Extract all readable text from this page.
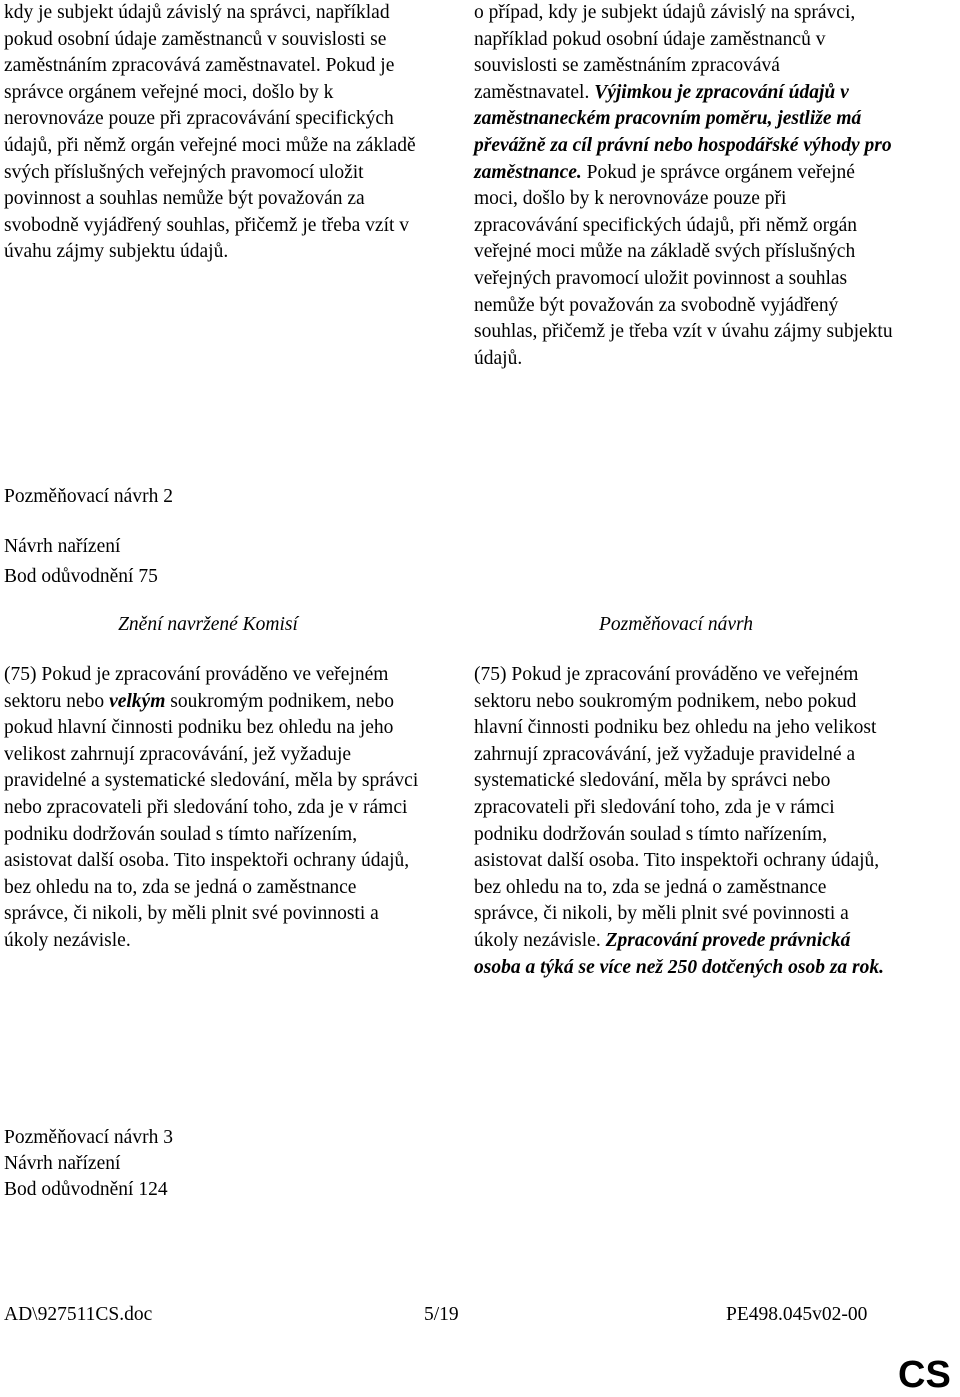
kdy je subjekt údajů závislý na správci, například pokud osobní údaje zaměstnanců v souvislosti se zaměstnáním zpracovává zaměstnavatel. Pokud je správce orgánem veřejné moci, došlo by k nerovnováze pouze při zpracovávání specifických údajů, při němž orgán veřejné moci může na základě svých příslušných veřejných pravomocí uložit povinnost a souhlas nemůže být považován za svobodně vyjádřený souhlas, přičemž je třeba vzít v úvahu zájmy subjektu údajů.

o případ, kdy je subjekt údajů závislý na správci, například pokud osobní údaje zaměstnanců v souvislosti se zaměstnáním zpracovává zaměstnavatel. Výjimkou je zpracování údajů v zaměstnaneckém pracovním poměru, jestliže má převážně za cíl právní nebo hospodářské výhody pro zaměstnance. Pokud je správce orgánem veřejné moci, došlo by k nerovnováze pouze při zpracovávání specifických údajů, při němž orgán veřejné moci může na základě svých příslušných veřejných pravomocí uložit povinnost a souhlas nemůže být považován za svobodně vyjádřený souhlas, přičemž je třeba vzít v úvahu zájmy subjektu údajů.

Pozměňovací návrh 2
Návrh nařízení
Bod odůvodnění 75
Znění navržené Komisí	Pozměňovací návrh

(75) Pokud je zpracování prováděno ve veřejném sektoru nebo velkým soukromým podnikem, nebo pokud hlavní činnosti podniku bez ohledu na jeho velikost zahrnují zpracovávání, jež vyžaduje pravidelné a systematické sledování, měla by správci nebo zpracovateli při sledování toho, zda je v rámci podniku dodržován soulad s tímto nařízením, asistovat další osoba. Tito inspektoři ochrany údajů, bez ohledu na to, zda se jedná o zaměstnance správce, či nikoli, by měli plnit své povinnosti a úkoly nezávisle.

(75) Pokud je zpracování prováděno ve veřejném sektoru nebo soukromým podnikem, nebo pokud hlavní činnosti podniku bez ohledu na jeho velikost zahrnují zpracovávání, jež vyžaduje pravidelné a systematické sledování, měla by správci nebo zpracovateli při sledování toho, zda je v rámci podniku dodržován soulad s tímto nařízením, asistovat další osoba. Tito inspektoři ochrany údajů, bez ohledu na to, zda se jedná o zaměstnance správce, či nikoli, by měli plnit své povinnosti a úkoly nezávisle. Zpracování provede právnická osoba a týká se více než 250 dotčených osob za rok.

Pozměňovací návrh 3
Návrh nařízení
Bod odůvodnění 124
AD\927511CS.doc	5/19	PE498.045v02-00
CS
